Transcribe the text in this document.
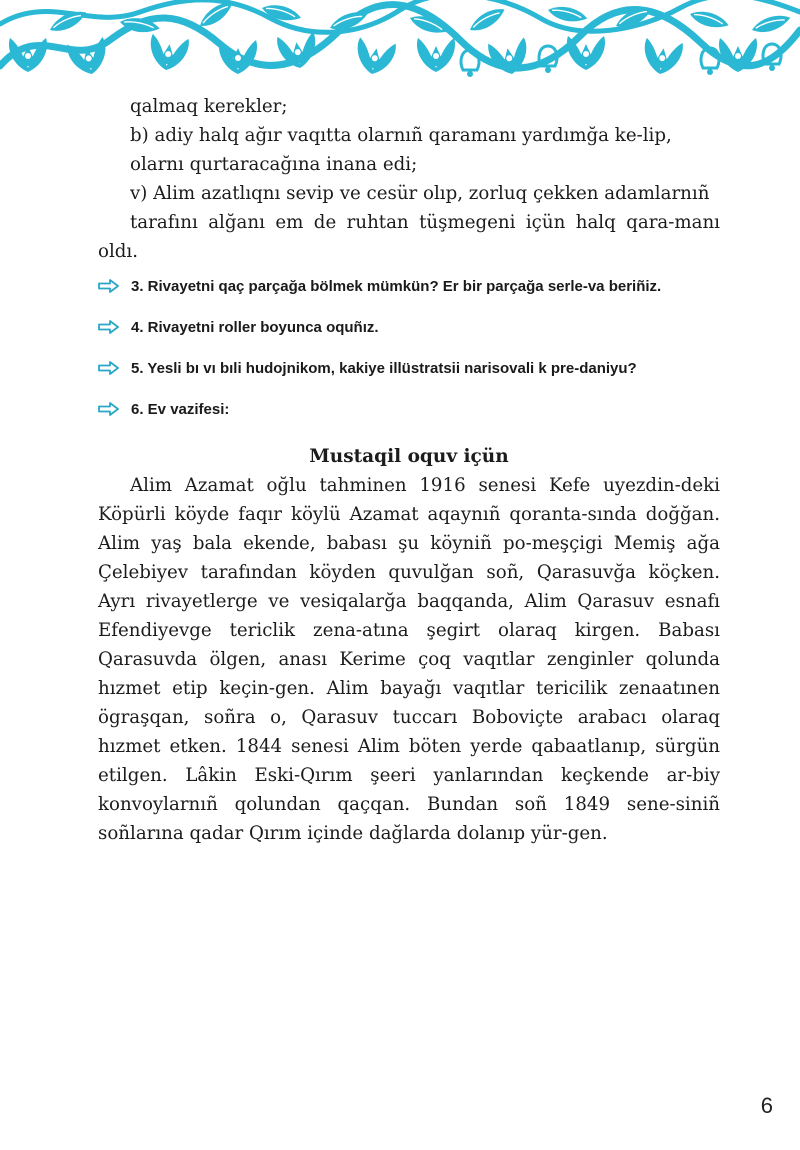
qalmaq kerekler;

b) adiy halq ağır vaqıtta olarnıñ qaramanı yardımğa ke-lip,

olarnı qurtaracağına inana edi;

v) Alim azatlıqnı sevip ve cesür olıp, zorluq çekken adamlarnıñ

tarafını alğanı em de ruhtan tüşmegeni içün halq qara-manı oldı.

3. Rivayetni qaç parçağa bölmek mümkün? Er bir parçağa serle-va beriñiz.

4. Rivayetni roller boyunca oquñız.

5. Yesli bı vı bıli hudojnikom, kakiye illüstratsii narisovali k pre-daniyu?

6. Ev vazifesi:

Mustaqil oquv içün

Alim Azamat oğlu tahminen 1916 senesi Kefe uyezdin-deki Köpürli köyde faqır köylü Azamat aqaynıñ qoranta-sında doğğan. Alim yaş bala ekende, babası şu köyniñ po-meşçigi Memiş ağa Çelebiyev tarafından köyden quvulğan soñ, Qarasuvğa köçken. Ayrı rivayetlerge ve vesiqalarğa baqqanda, Alim Qarasuv esnafı Efendiyevge tericlik zena-atına şegirt olaraq kirgen. Babası Qarasuvda ölgen, anası Kerime çoq vaqıtlar zenginler qolunda hızmet etip keçin-gen. Alim bayağı vaqıtlar tericilik zenaatınen ögraşqan, soñra o, Qarasuv tuccarı Boboviçte arabacı olaraq hızmet etken. 1844 senesi Alim böten yerde qabaatlanıp, sürgün etilgen. Lâkin Eski-Qırım şeeri yanlarından keçkende ar-biy konvoylarnıñ qolundan qaçqan. Bundan soñ 1849 sene-siniñ soñlarına qadar Qırım içinde dağlarda dolanıp yür-gen.

6
